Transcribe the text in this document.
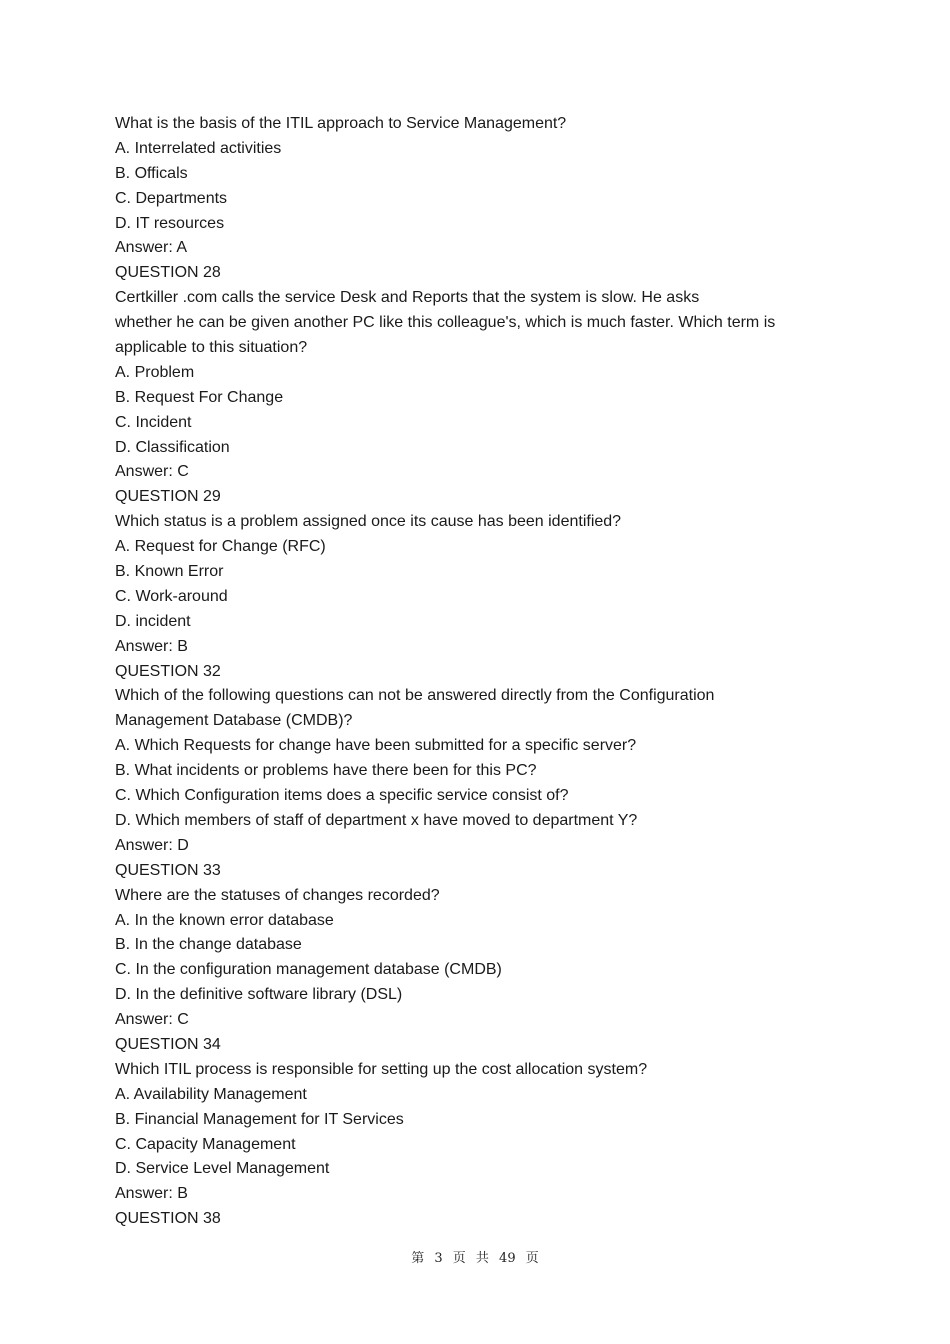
What is the basis of the ITIL approach to Service Management?
A. Interrelated activities
B. Officals
C. Departments
D. IT resources
Answer: A
QUESTION 28
Certkiller .com calls the service Desk and Reports that the system is slow. He asks
whether he can be given another PC like this colleague's, which is much faster. Which term is
applicable to this situation?
A. Problem
B. Request For Change
C. Incident
D. Classification
Answer: C
QUESTION 29
Which status is a problem assigned once its cause has been identified?
A. Request for Change (RFC)
B. Known Error
C. Work-around
D. incident
Answer: B
QUESTION 32
Which of the following questions can not be answered directly from the Configuration
Management Database (CMDB)?
A. Which Requests for change have been submitted for a specific server?
B. What incidents or problems have there been for this PC?
C. Which Configuration items does a specific service consist of?
D. Which members of staff of department x have moved to department Y?
Answer: D
QUESTION 33
Where are the statuses of changes recorded?
A. In the known error database
B. In the change database
C. In the configuration management database (CMDB)
D. In the definitive software library (DSL)
Answer: C
QUESTION 34
Which ITIL process is responsible for setting up the cost allocation system?
A. Availability Management
B. Financial Management for IT Services
C. Capacity Management
D. Service Level Management
Answer: B
QUESTION 38
第 3 页 共 49 页
